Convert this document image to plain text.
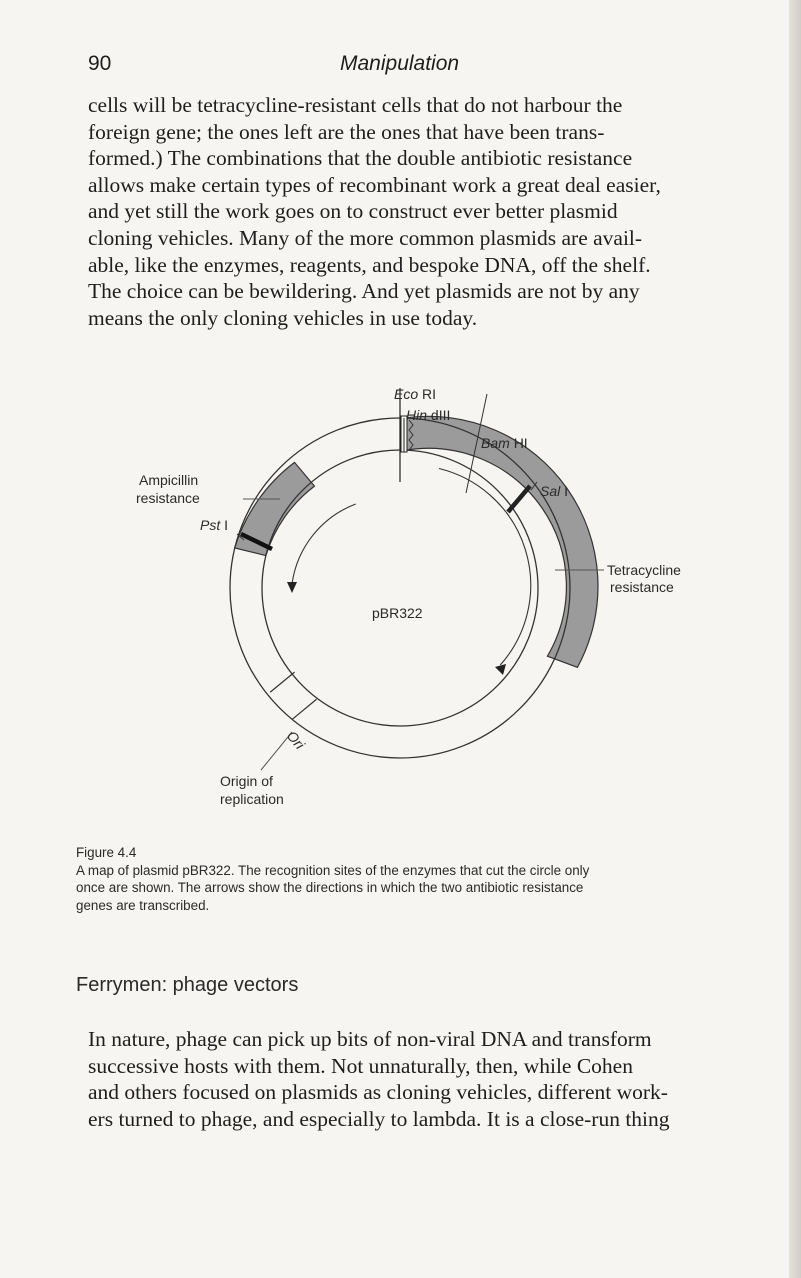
90	Manipulation

cells will be tetracycline-resistant cells that do not harbour the
foreign gene; the ones left are the ones that have been trans-
formed.) The combinations that the double antibiotic resistance
allows make certain types of recombinant work a great deal easier,
and yet still the work goes on to construct ever better plasmid
cloning vehicles. Many of the more common plasmids are avail-
able, like the enzymes, reagents, and bespoke DNA, off the shelf.
The choice can be bewildering. And yet plasmids are not by any
means the only cloning vehicles in use today.

Eco RI
Hin dIII
Bam HI
Sal I
Pst I
Ampicillin
resistance
Tetracycline
resistance
pBR322
Ori
Origin of
replication
Figure 4.4
A map of plasmid pBR322. The recognition sites of the enzymes that cut the circle only
once are shown. The arrows show the directions in which the two antibiotic resistance
genes are transcribed.
Ferrymen: phage vectors

In nature, phage can pick up bits of non-viral DNA and transform
successive hosts with them. Not unnaturally, then, while Cohen
and others focused on plasmids as cloning vehicles, different work-
ers turned to phage, and especially to lambda. It is a close-run thing
